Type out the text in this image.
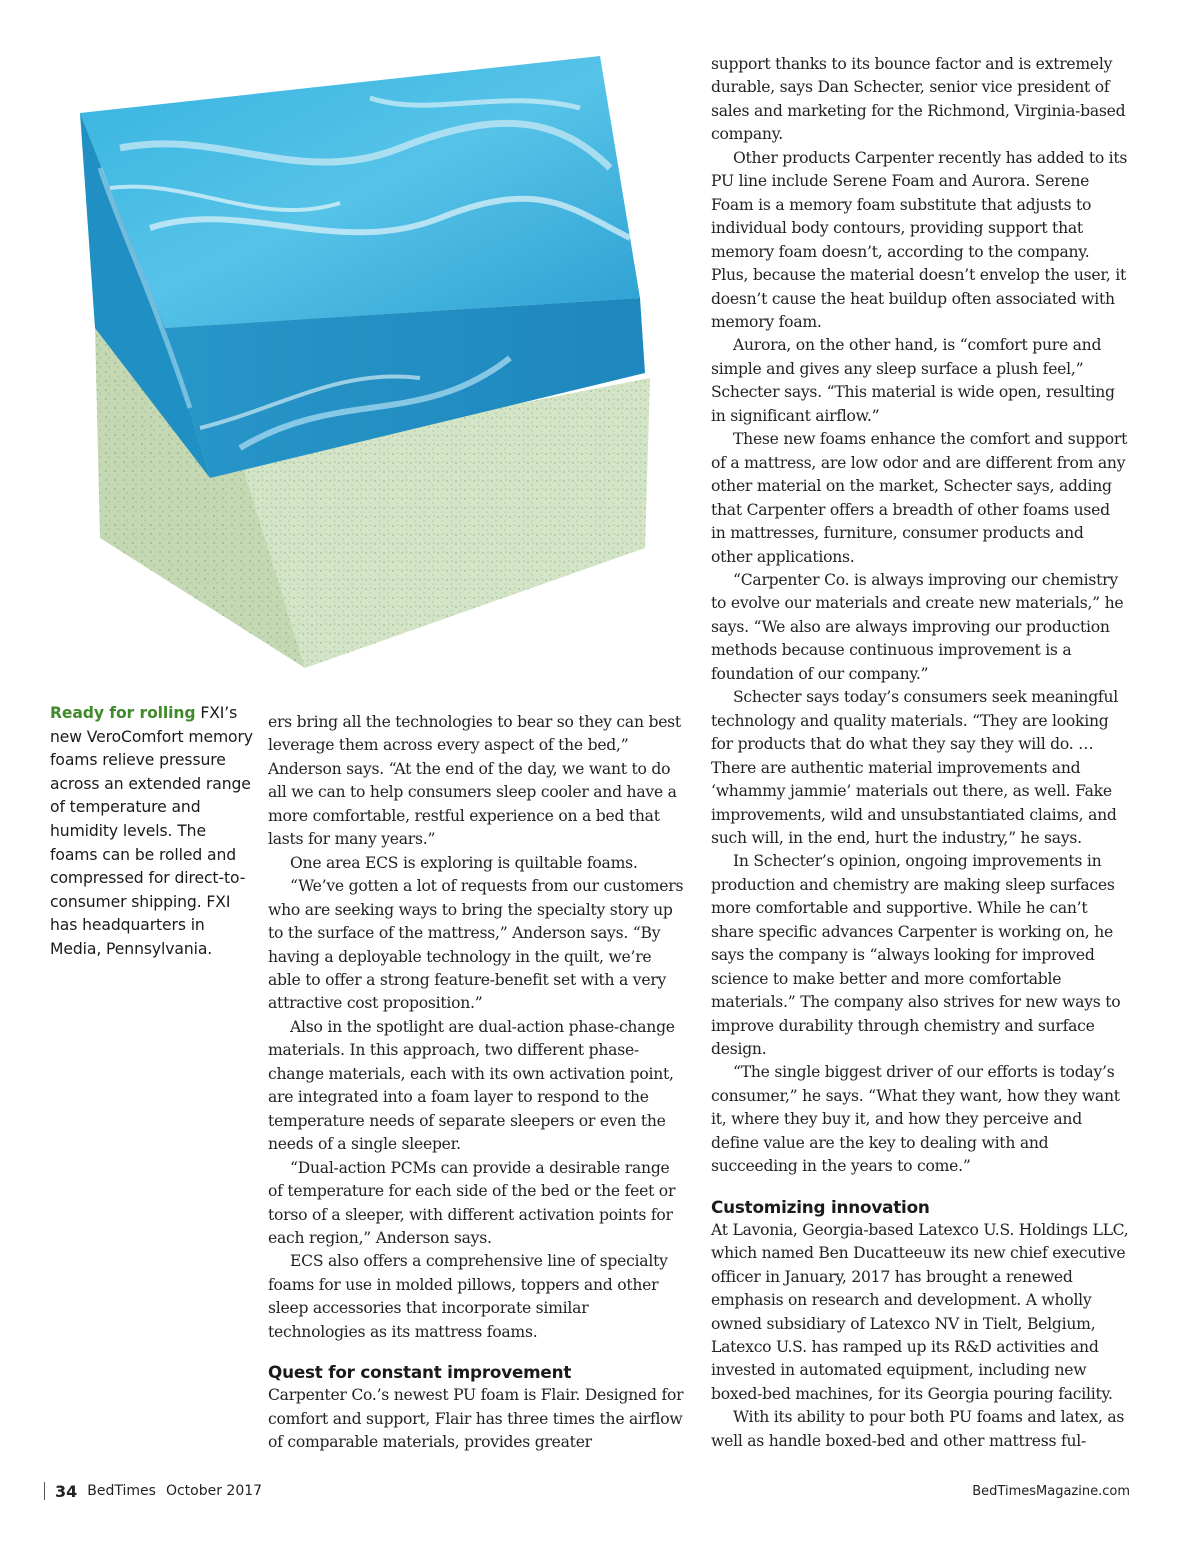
Ready for rolling FXI’s new VeroComfort memory foams relieve pressure across an extended range of temperature and humidity levels. The foams can be rolled and compressed for direct-to-consumer shipping. FXI has headquarters in Media, Pennsylvania.

ers bring all the technologies to bear so they can best leverage them across every aspect of the bed,” Anderson says. “At the end of the day, we want to do all we can to help consumers sleep cooler and have a more comfortable, restful experience on a bed that lasts for many years.”

One area ECS is exploring is quiltable foams.

“We’ve gotten a lot of requests from our customers who are seeking ways to bring the specialty story up to the surface of the mattress,” Anderson says. “By having a deployable technology in the quilt, we’re able to offer a strong feature-benefit set with a very attractive cost proposition.”

Also in the spotlight are dual-action phase-change materials. In this approach, two different phase-change materials, each with its own activation point, are integrated into a foam layer to respond to the temperature needs of separate sleepers or even the needs of a single sleeper.

“Dual-action PCMs can provide a desirable range of temperature for each side of the bed or the feet or torso of a sleeper, with different activation points for each region,” Anderson says.

ECS also offers a comprehensive line of specialty foams for use in molded pillows, toppers and other sleep accessories that incorporate similar technologies as its mattress foams.

Quest for constant improvement

Carpenter Co.’s newest PU foam is Flair. Designed for comfort and support, Flair has three times the airflow of comparable materials, provides greater

support thanks to its bounce factor and is extremely durable, says Dan Schecter, senior vice president of sales and marketing for the Richmond, Virginia-based company.

Other products Carpenter recently has added to its PU line include Serene Foam and Aurora. Serene Foam is a memory foam substitute that adjusts to individual body contours, providing support that memory foam doesn’t, according to the company. Plus, because the material doesn’t envelop the user, it doesn’t cause the heat buildup often associated with memory foam.

Aurora, on the other hand, is “comfort pure and simple and gives any sleep surface a plush feel,” Schecter says. “This material is wide open, resulting in significant airflow.”

These new foams enhance the comfort and support of a mattress, are low odor and are different from any other material on the market, Schecter says, adding that Carpenter offers a breadth of other foams used in mattresses, furniture, consumer products and other applications.

“Carpenter Co. is always improving our chemistry to evolve our materials and create new materials,” he says. “We also are always improving our production methods because continuous improvement is a foundation of our company.”

Schecter says today’s consumers seek meaningful technology and quality materials. “They are looking for products that do what they say they will do. … There are authentic material improvements and ‘whammy jammie’ materials out there, as well. Fake improvements, wild and unsubstantiated claims, and such will, in the end, hurt the industry,” he says.

In Schecter’s opinion, ongoing improvements in production and chemistry are making sleep surfaces more comfortable and supportive. While he can’t share specific advances Carpenter is working on, he says the company is “always looking for improved science to make better and more comfortable materials.” The company also strives for new ways to improve durability through chemistry and surface design.

“The single biggest driver of our efforts is today’s consumer,” he says. “What they want, how they want it, where they buy it, and how they perceive and define value are the key to dealing with and succeeding in the years to come.”

Customizing innovation

At Lavonia, Georgia-based Latexco U.S. Holdings LLC, which named Ben Ducatteeuw its new chief executive officer in January, 2017 has brought a renewed emphasis on research and development. A wholly owned subsidiary of Latexco NV in Tielt, Belgium, Latexco U.S. has ramped up its R&D activities and invested in automated equipment, including new boxed-bed machines, for its Georgia pouring facility.

With its ability to pour both PU foams and latex, as well as handle boxed-bed and other mattress ful-

34 BedTimes October 2017	BedTimesMagazine.com
